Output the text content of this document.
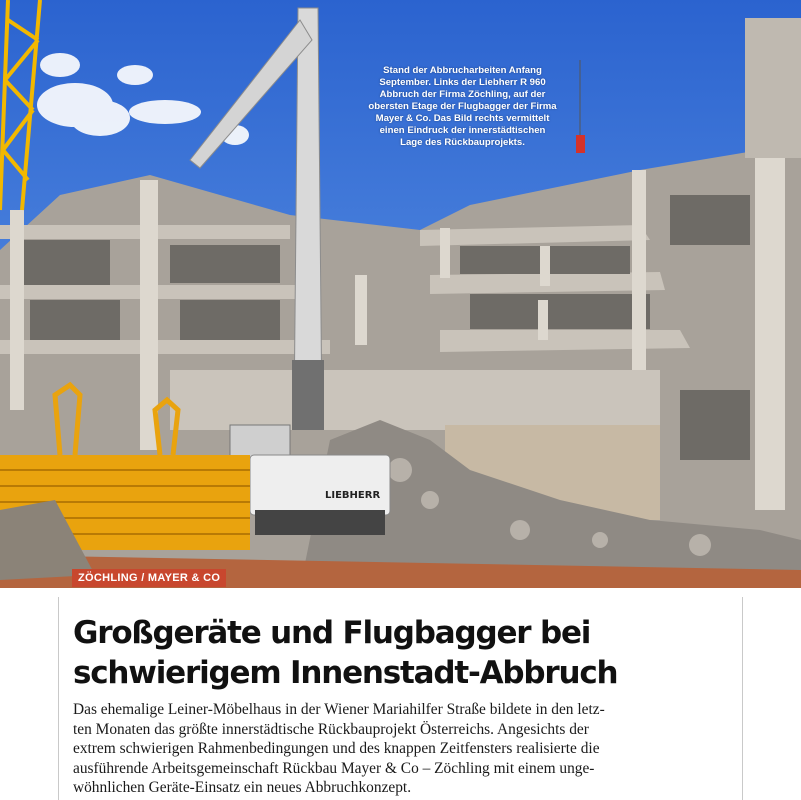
LIEBHERR
Stand der Abbrucharbeiten Anfang
September. Links der Liebherr R 960
Abbruch der Firma Zöchling, auf der
obersten Etage der Flugbagger der Firma
Mayer & Co. Das Bild rechts vermittelt
einen Eindruck der innerstädtischen
Lage des Rückbauprojekts.
ZÖCHLING / MAYER & CO
Großgeräte und Flugbagger bei
schwierigem Innenstadt-Abbruch
Das ehemalige Leiner-Möbelhaus in der Wiener Mariahilfer Straße bildete in den letz-
ten Monaten das größte innerstädtische Rückbauprojekt Österreichs. Angesichts der
extrem schwierigen Rahmenbedingungen und des knappen Zeitfensters realisierte die
ausführende Arbeitsgemeinschaft Rückbau Mayer & Co – Zöchling mit einem unge-
wöhnlichen Geräte-Einsatz ein neues Abbruchkonzept.
